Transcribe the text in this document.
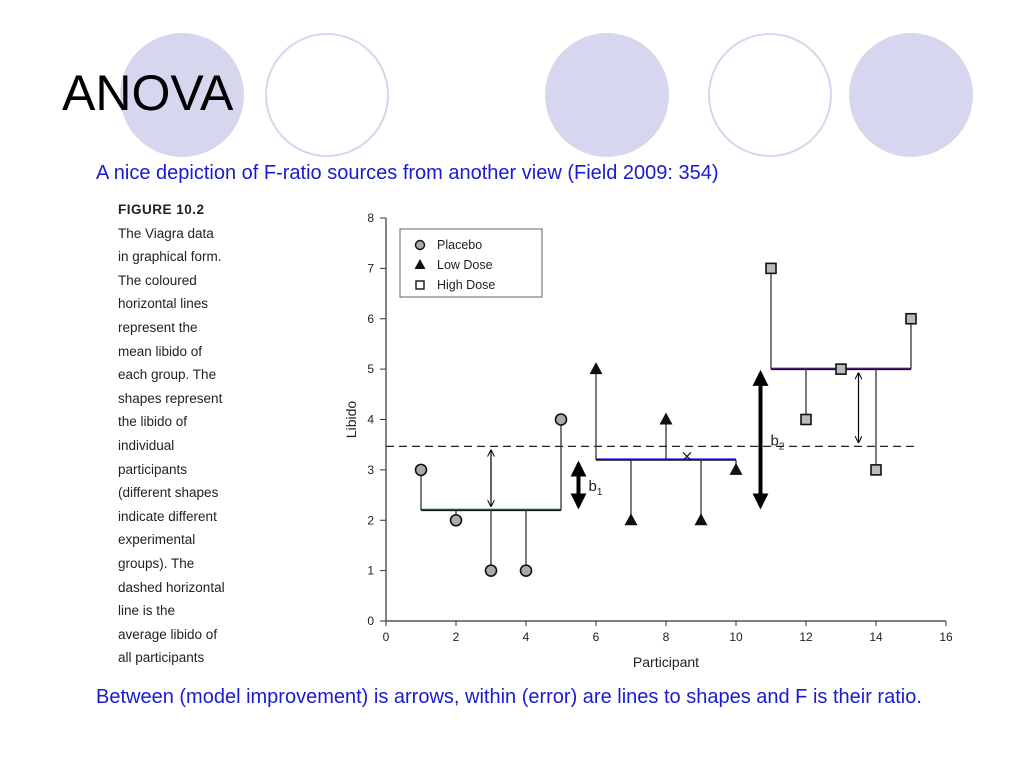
ANOVA
A nice depiction of F-ratio sources from another view (Field 2009: 354)
FIGURE 10.2
The Viagra data
in graphical form.
The coloured
horizontal lines
represent the
mean libido of
each group. The
shapes represent
the libido of
individual
participants
(different shapes
indicate different
experimental
groups). The
dashed horizontal
line is the
average libido of
all participants
0
1
2
3
4
5
6
7
8
0	2	4	6	8	10	12	14	16
Participant
Libido
$b_1$
$b_2$
Placebo
Low Dose
High Dose
Between (model improvement) is arrows, within (error) are lines to shapes and F is their ratio.
